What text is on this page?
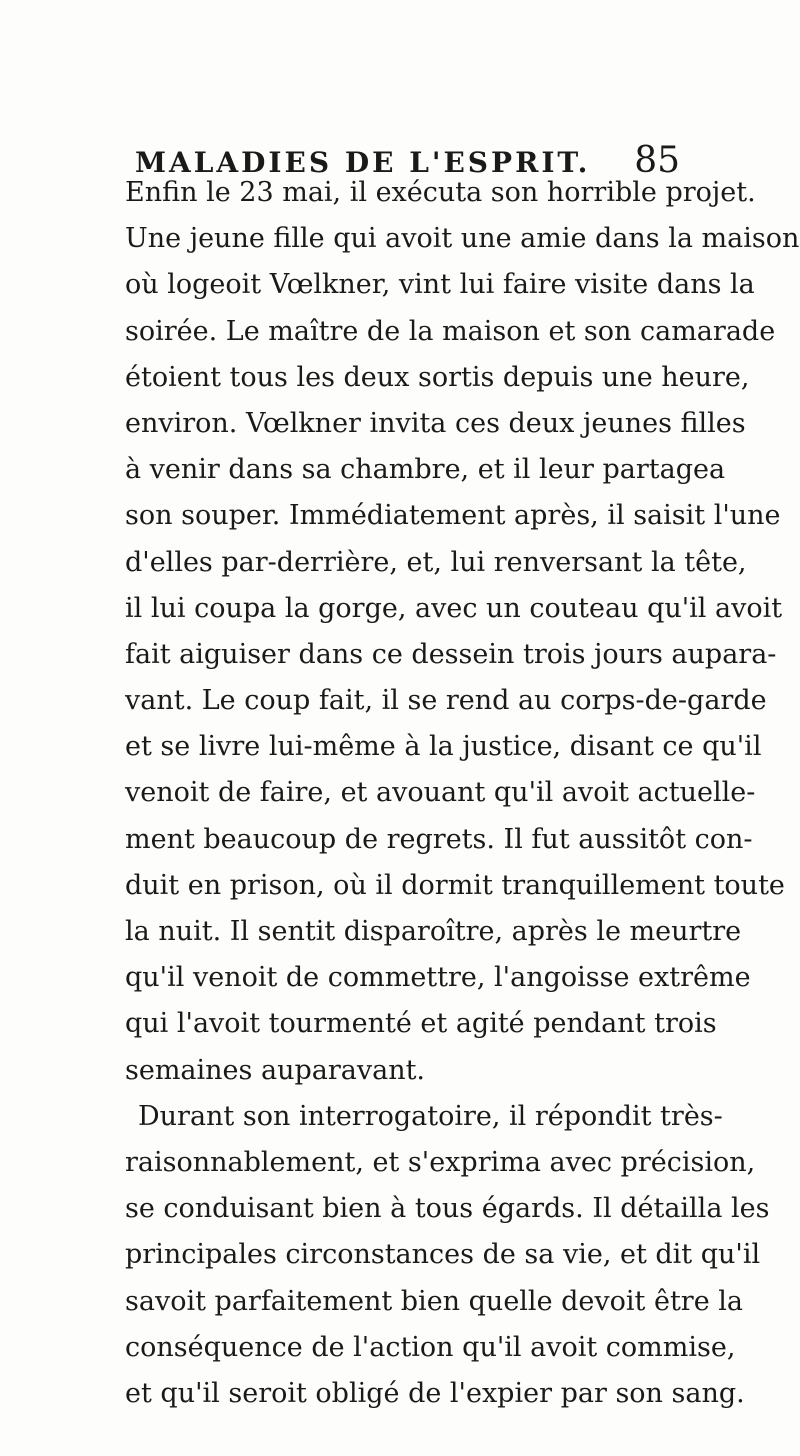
MALADIES DE L'ESPRIT. 85
Enfin le 23 mai, il exécuta son horrible projet.
Une jeune fille qui avoit une amie dans la maison
où logeoit Vœlkner, vint lui faire visite dans la
soirée. Le maître de la maison et son camarade
étoient tous les deux sortis depuis une heure,
environ. Vœlkner invita ces deux jeunes filles
à venir dans sa chambre, et il leur partagea
son souper. Immédiatement après, il saisit l'une
d'elles par-derrière, et, lui renversant la tête,
il lui coupa la gorge, avec un couteau qu'il avoit
fait aiguiser dans ce dessein trois jours aupara-
vant. Le coup fait, il se rend au corps-de-garde
et se livre lui-même à la justice, disant ce qu'il
venoit de faire, et avouant qu'il avoit actuelle-
ment beaucoup de regrets. Il fut aussitôt con-
duit en prison, où il dormit tranquillement toute
la nuit. Il sentit disparoître, après le meurtre
qu'il venoit de commettre, l'angoisse extrême
qui l'avoit tourmenté et agité pendant trois
semaines auparavant.
Durant son interrogatoire, il répondit très-
raisonnablement, et s'exprima avec précision,
se conduisant bien à tous égards. Il détailla les
principales circonstances de sa vie, et dit qu'il
savoit parfaitement bien quelle devoit être la
conséquence de l'action qu'il avoit commise,
et qu'il seroit obligé de l'expier par son sang.
